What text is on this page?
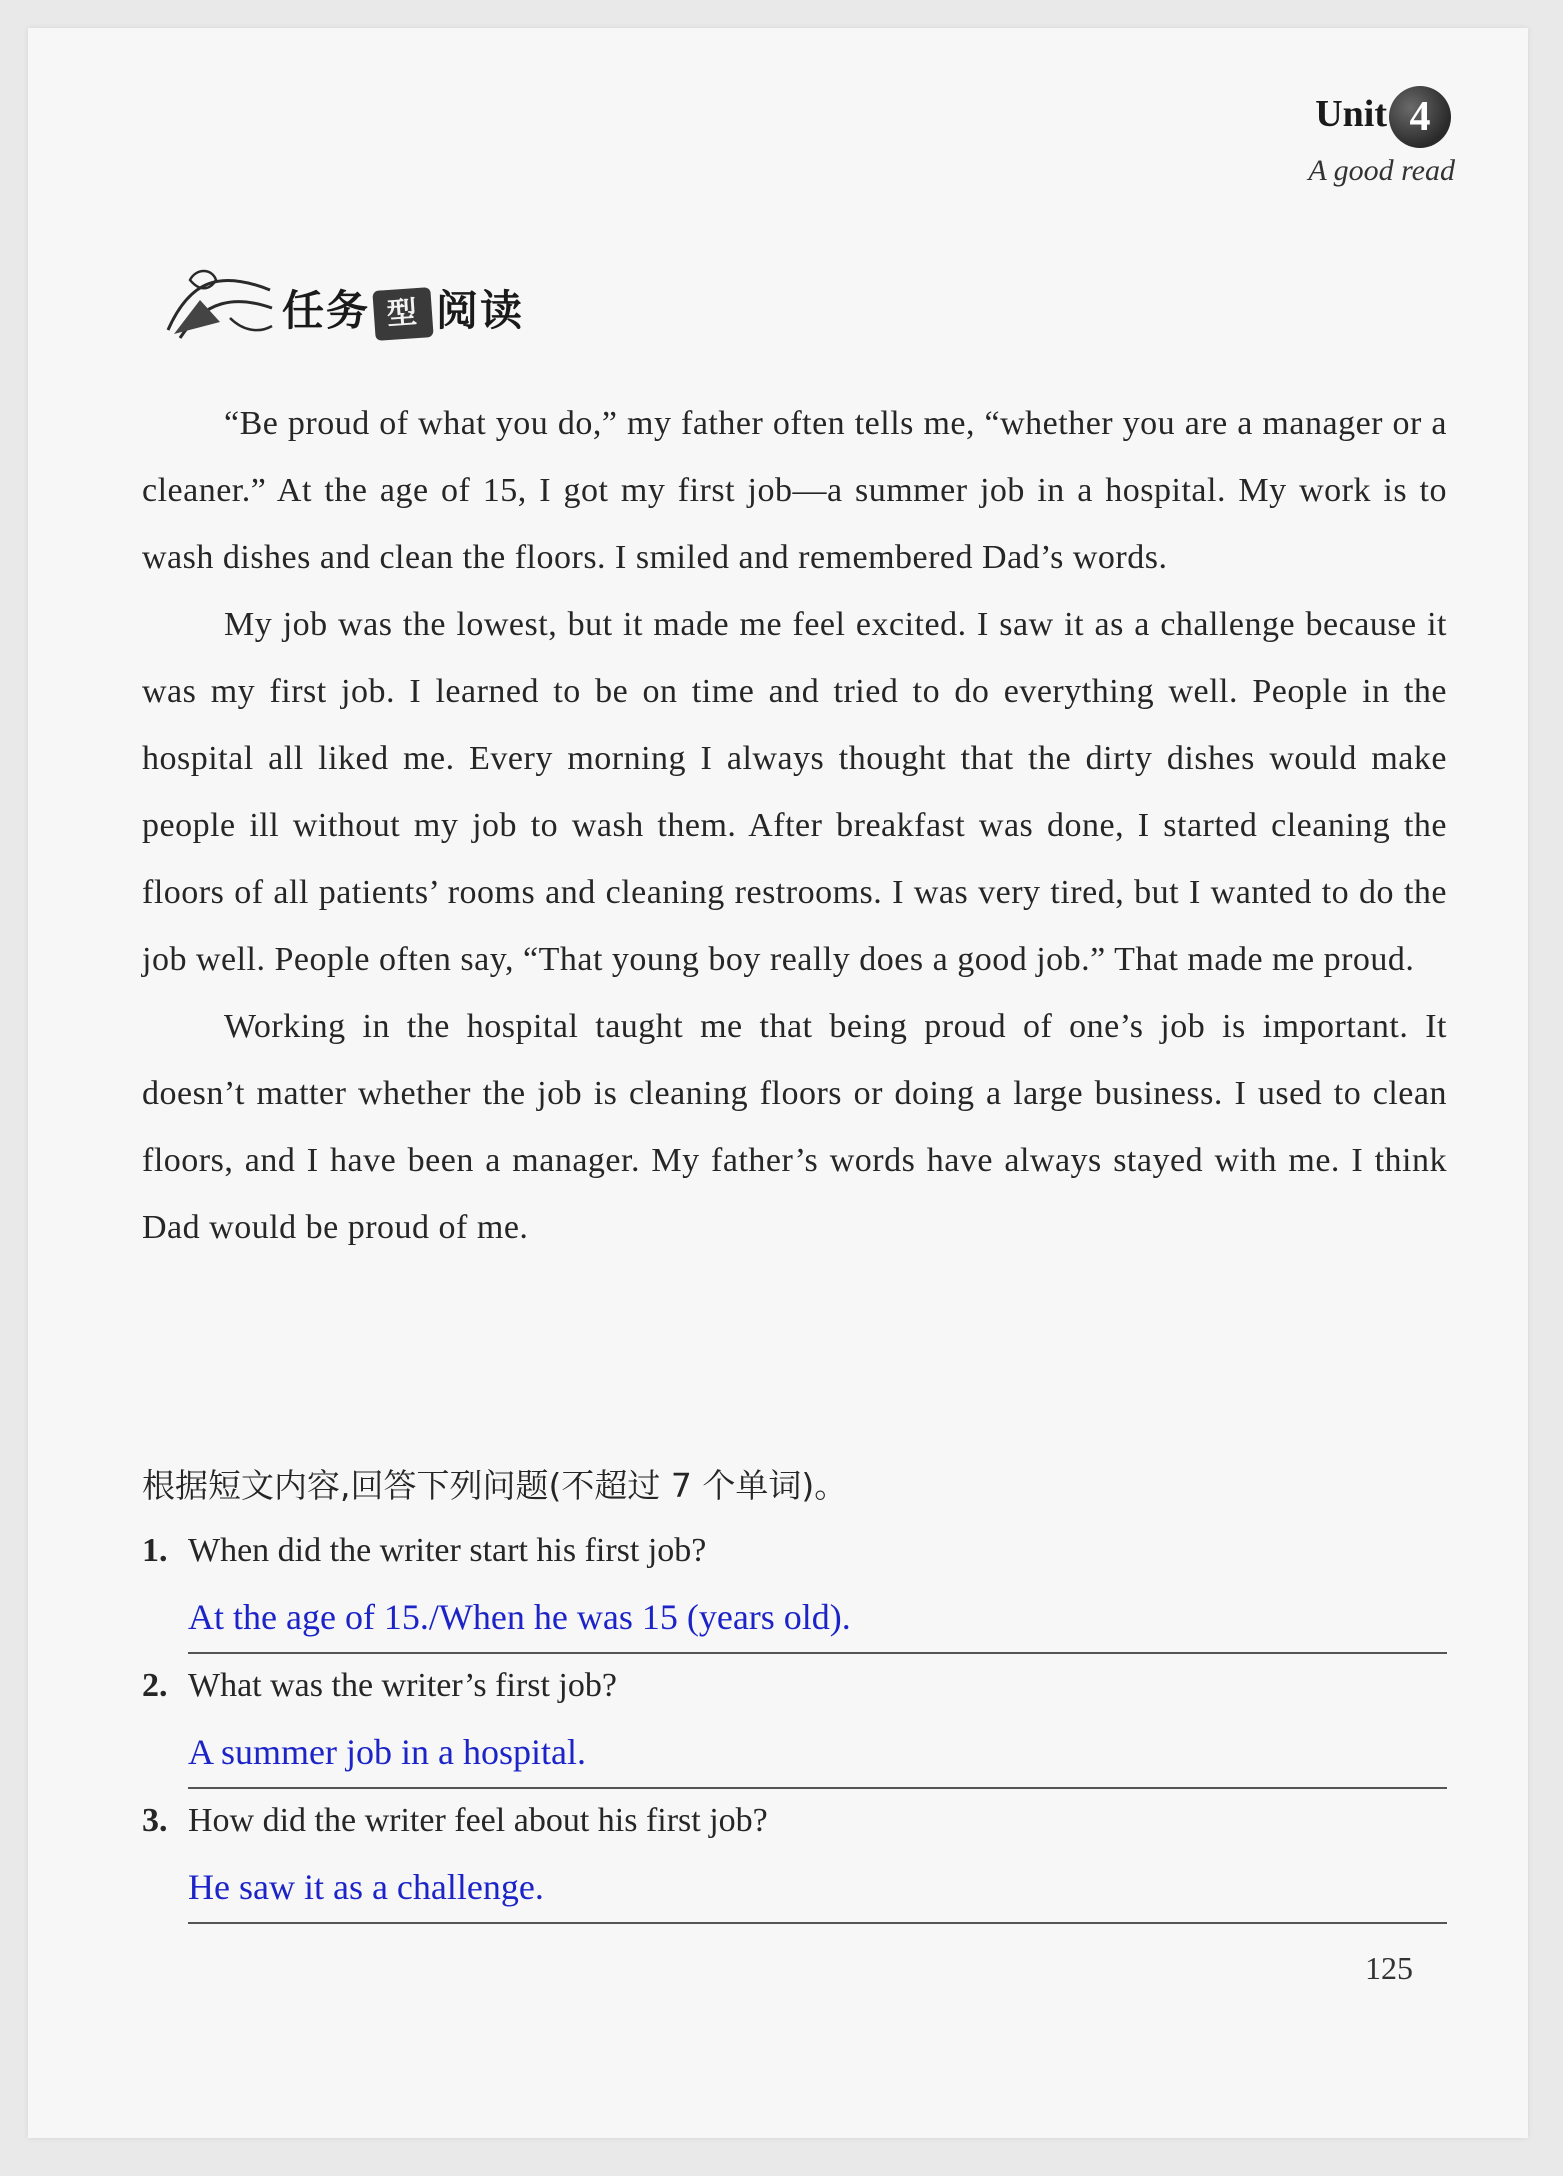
Unit 4
A good read
任务 型 阅读

“Be proud of what you do,” my father often tells me, “whether you are a manager or a cleaner.” At the age of 15, I got my first job—a summer job in a hospital. My work is to wash dishes and clean the floors. I smiled and remembered Dad’s words.

My job was the lowest, but it made me feel excited. I saw it as a challenge because it was my first job. I learned to be on time and tried to do everything well. People in the hospital all liked me. Every morning I always thought that the dirty dishes would make people ill without my job to wash them. After breakfast was done, I started cleaning the floors of all patients’ rooms and cleaning restrooms. I was very tired, but I wanted to do the job well. People often say, “That young boy really does a good job.” That made me proud.

Working in the hospital taught me that being proud of one’s job is important. It doesn’t matter whether the job is cleaning floors or doing a large business. I used to clean floors, and I have been a manager. My father’s words have always stayed with me. I think Dad would be proud of me.

根据短文内容,回答下列问题(不超过 7 个单词)。
1. When did the writer start his first job?
At the age of 15./When he was 15 (years old).
2. What was the writer’s first job?
A summer job in a hospital.
3. How did the writer feel about his first job?
He saw it as a challenge.
125
